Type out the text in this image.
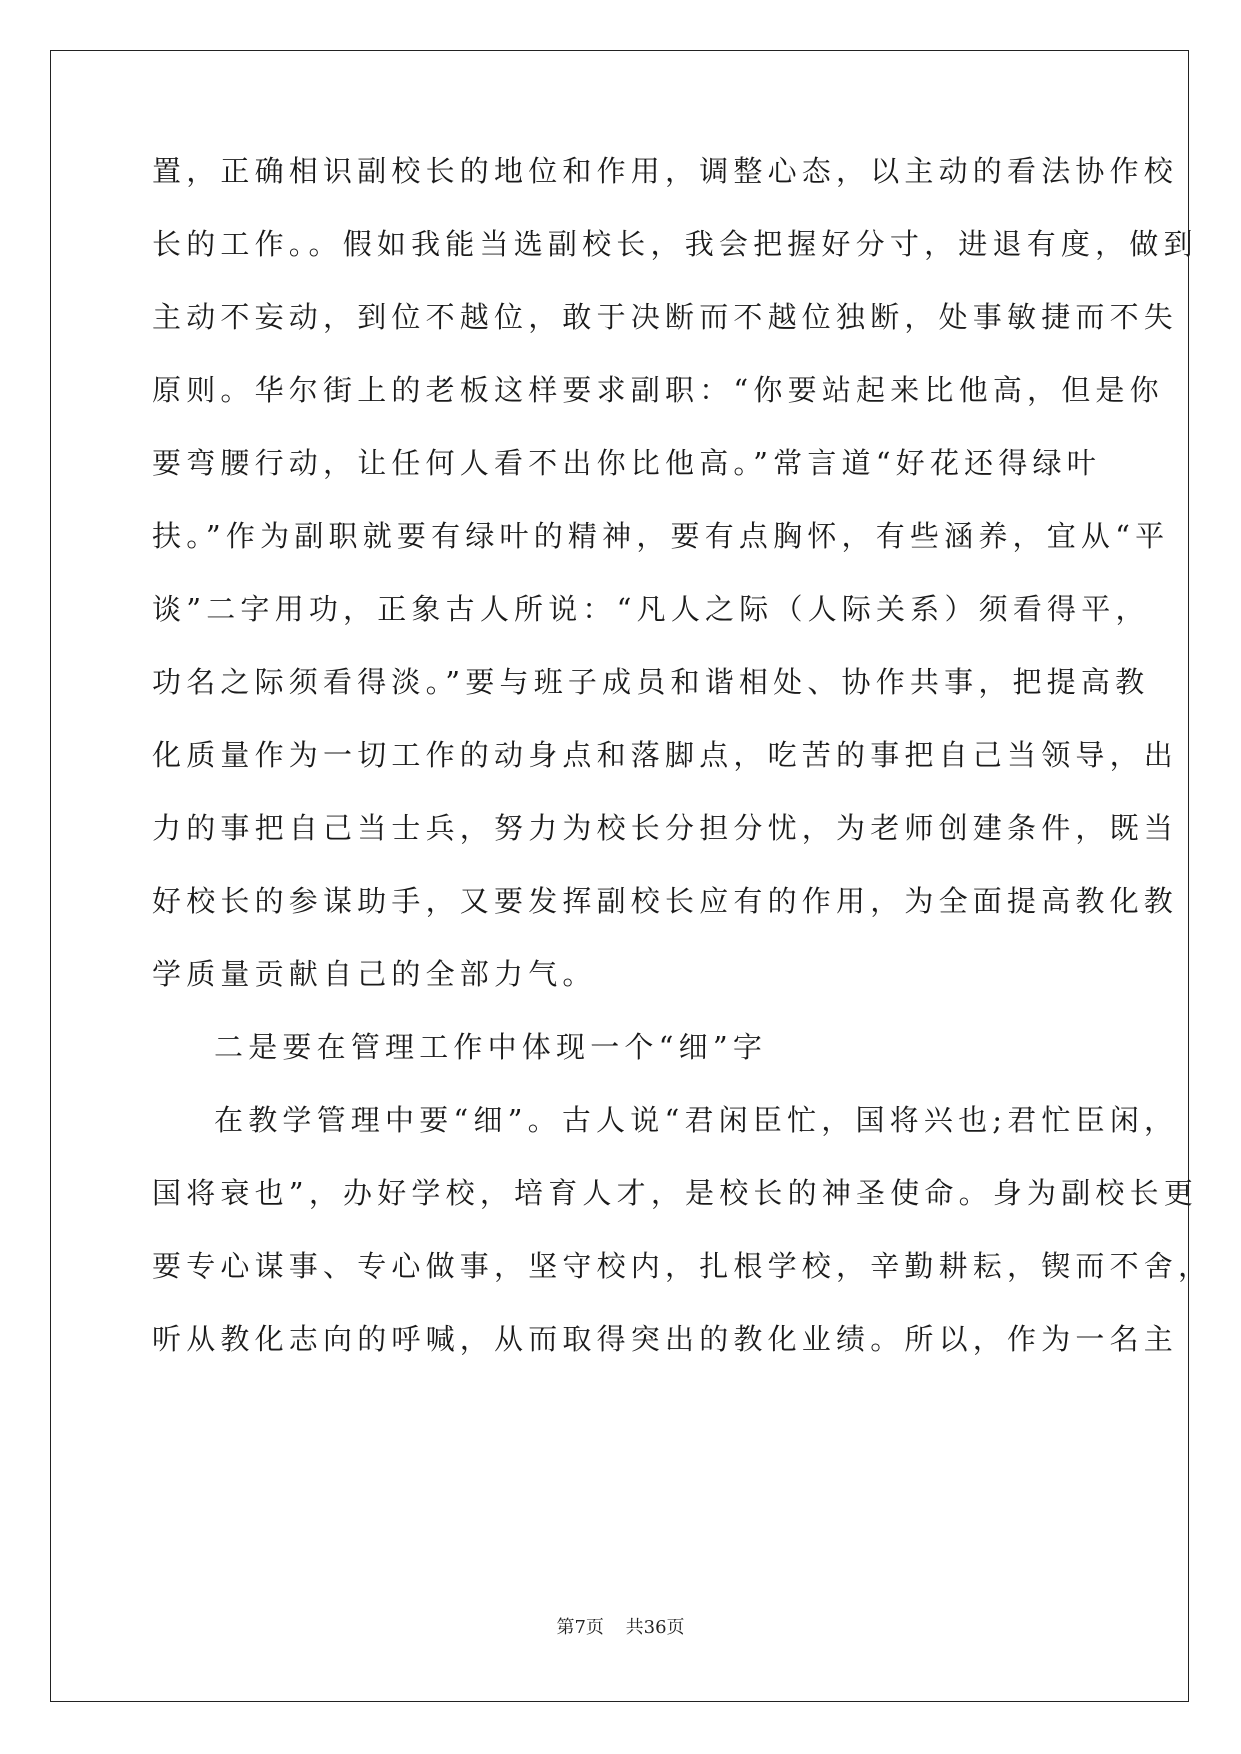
置，正确相识副校长的地位和作用，调整心态，以主动的看法协作校
长的工作。。假如我能当选副校长，我会把握好分寸，进退有度，做到
主动不妄动，到位不越位，敢于决断而不越位独断，处事敏捷而不失
原则。华尔街上的老板这样要求副职：“你要站起来比他高，但是你
要弯腰行动，让任何人看不出你比他高。”常言道“好花还得绿叶
扶。”作为副职就要有绿叶的精神，要有点胸怀，有些涵养，宜从“平
谈”二字用功，正象古人所说：“凡人之际（人际关系）须看得平，
功名之际须看得淡。”要与班子成员和谐相处、协作共事，把提高教
化质量作为一切工作的动身点和落脚点，吃苦的事把自己当领导，出
力的事把自己当士兵，努力为校长分担分忧，为老师创建条件，既当
好校长的参谋助手，又要发挥副校长应有的作用，为全面提高教化教
学质量贡献自己的全部力气。
二是要在管理工作中体现一个“细”字
在教学管理中要“细”。古人说“君闲臣忙，国将兴也;君忙臣闲，
国将衰也”，办好学校，培育人才，是校长的神圣使命。身为副校长更
要专心谋事、专心做事，坚守校内，扎根学校，辛勤耕耘，锲而不舍，
听从教化志向的呼喊，从而取得突出的教化业绩。所以，作为一名主
第7页 共36页
